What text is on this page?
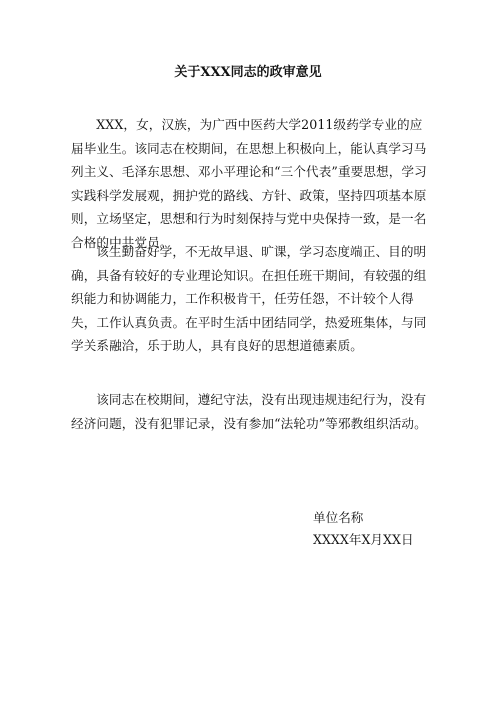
关于XXX同志的政审意见

XXX，女，汉族，为广西中医药大学2011级药学专业的应届毕业生。该同志在校期间，在思想上积极向上，能认真学习马列主义、毛泽东思想、邓小平理论和“三个代表”重要思想，学习实践科学发展观，拥护党的路线、方针、政策，坚持四项基本原则，立场坚定，思想和行为时刻保持与党中央保持一致，是一名合格的中共党员。

该生勤奋好学，不无故早退、旷课，学习态度端正、目的明确，具备有较好的专业理论知识。在担任班干期间，有较强的组织能力和协调能力，工作积极肯干，任劳任怨，不计较个人得失，工作认真负责。在平时生活中团结同学，热爱班集体，与同学关系融洽，乐于助人，具有良好的思想道德素质。

该同志在校期间，遵纪守法，没有出现违规违纪行为，没有经济问题，没有犯罪记录，没有参加“法轮功”等邪教组织活动。

单位名称
XXXX年X月XX日
